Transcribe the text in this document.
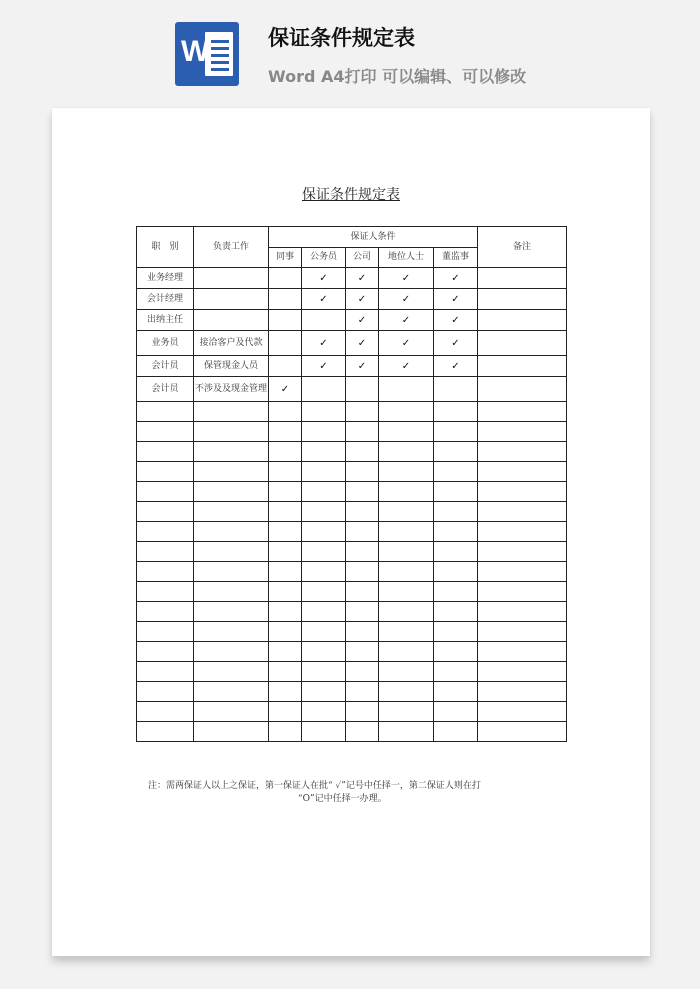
W	保证条件规定表
Word A4打印 可以编辑、可以修改
保证条件规定表
职　别	负责工作	保证人条件					备注
		同事	公务员	公司	地位人士	董监事	
业务经理			✓	✓	✓	✓	
会计经理			✓	✓	✓	✓	
出纳主任				✓	✓	✓	
业务员	接洽客户及代款		✓	✓	✓	✓	
会计员	保管现金人员		✓	✓	✓	✓	
会计员	不涉及及现金管理	✓					

注：需两保证人以上之保证，第一保证人在批“ ✓”记号中任择一，第二保证人则在打
“O”记中任择一办理。
